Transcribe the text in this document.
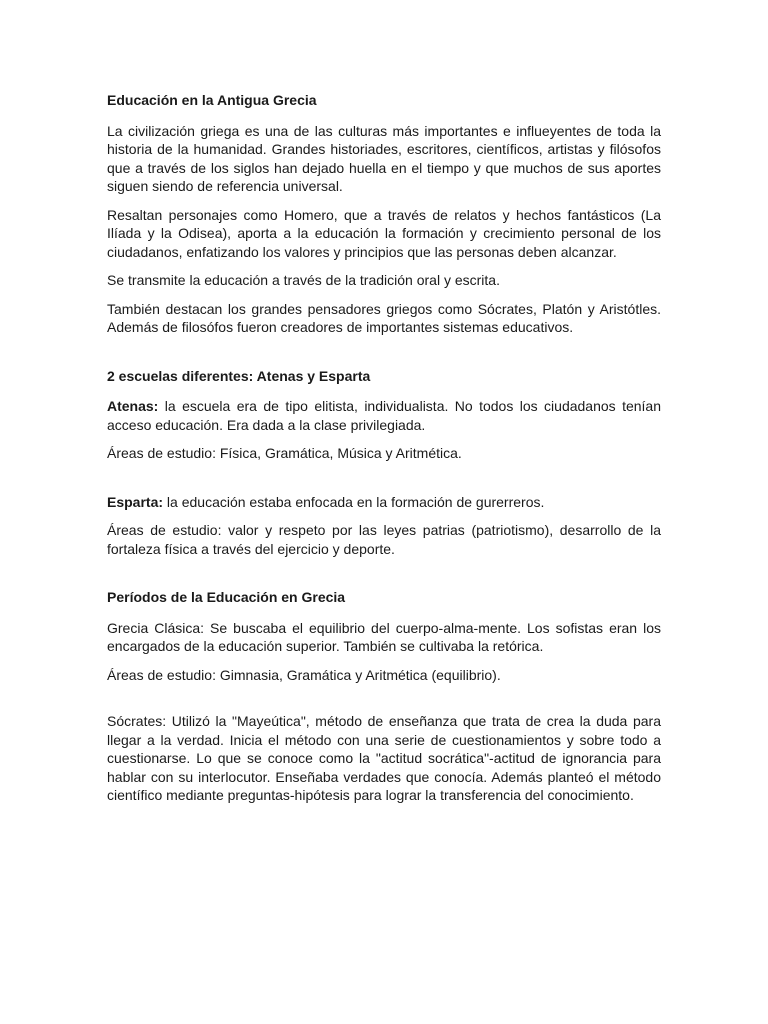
Educación en la Antigua Grecia

La civilización griega es una de las culturas más importantes e influeyentes de toda la historia de la humanidad. Grandes historiades, escritores, científicos, artistas y filósofos que a través de los siglos han dejado huella en el tiempo y que muchos de sus aportes siguen siendo de referencia universal.

Resaltan personajes como Homero, que a través de relatos y hechos fantásticos (La Ilíada y la Odisea), aporta a la educación la formación y crecimiento personal de los ciudadanos, enfatizando los valores y principios que las personas deben alcanzar.

Se transmite la educación a través de la tradición oral y escrita.

También destacan los grandes pensadores griegos como Sócrates, Platón y Aristótles. Además de filosófos fueron creadores de importantes sistemas educativos.

2 escuelas diferentes: Atenas y Esparta

Atenas: la escuela era de tipo elitista, individualista. No todos los ciudadanos tenían acceso educación. Era dada a la clase privilegiada.

Áreas de estudio: Física, Gramática, Música y Aritmética.

Esparta: la educación estaba enfocada en la formación de gurerreros.

Áreas de estudio: valor y respeto por las leyes patrias (patriotismo), desarrollo de la fortaleza física a través del ejercicio y deporte.

Períodos de la Educación en Grecia

Grecia Clásica: Se buscaba el equilibrio del cuerpo-alma-mente. Los sofistas eran los encargados de la educación superior. También se cultivaba la retórica.

Áreas de estudio: Gimnasia, Gramática y Aritmética (equilibrio).

Sócrates: Utilizó la "Mayeútica", método de enseñanza que trata de crea la duda para llegar a la verdad. Inicia el método con una serie de cuestionamientos y sobre todo a cuestionarse. Lo que se conoce como la "actitud socrática"-actitud de ignorancia para hablar con su interlocutor. Enseñaba verdades que conocía. Además planteó el método científico mediante preguntas-hipótesis para lograr la transferencia del conocimiento.
